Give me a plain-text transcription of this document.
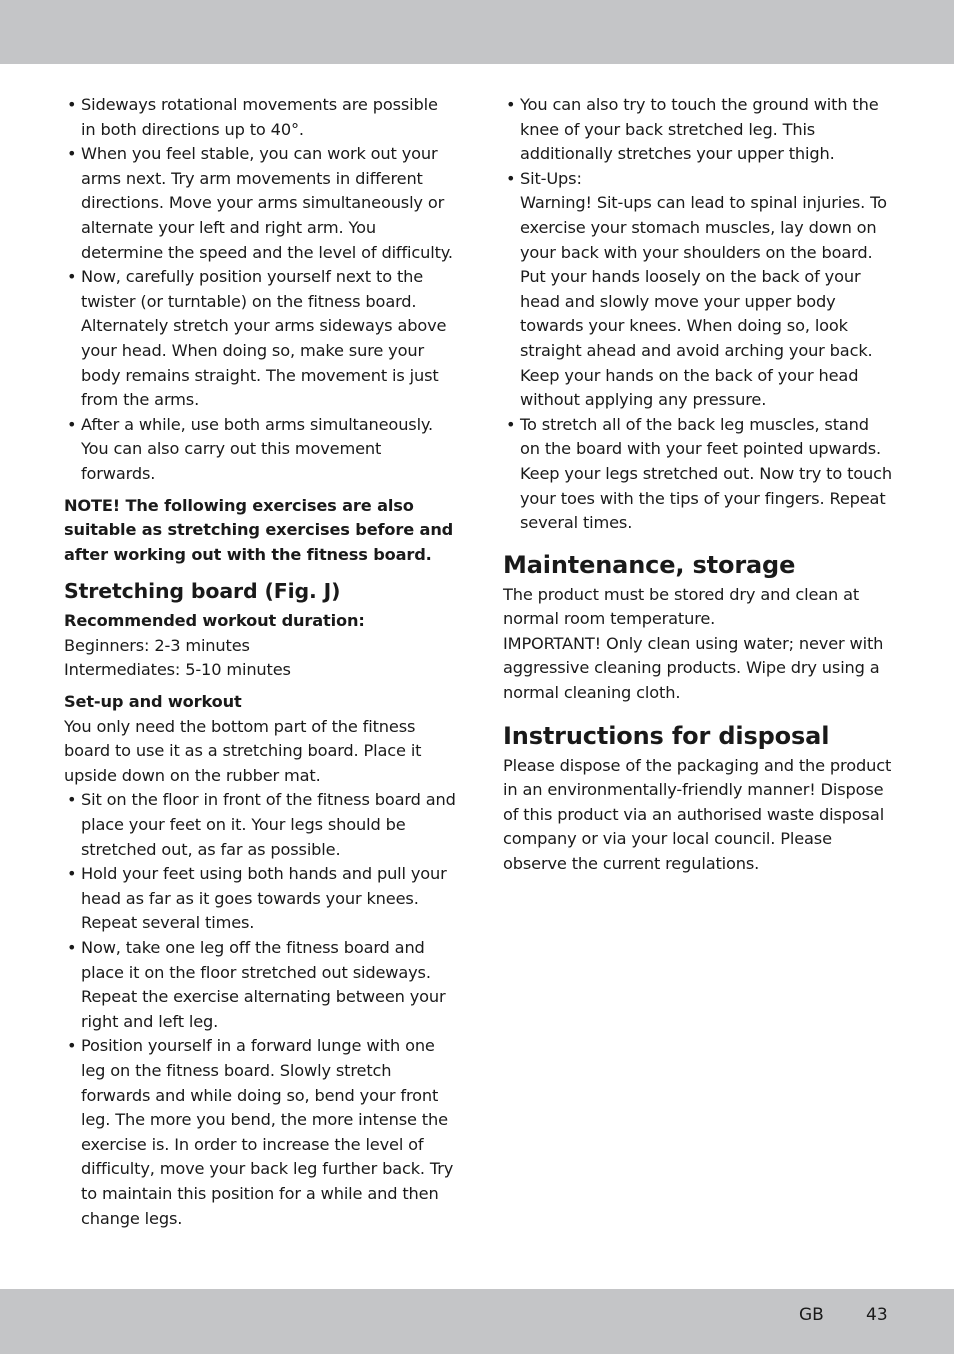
• Sideways rotational movements are possible in both directions up to 40°.
• When you feel stable, you can work out your arms next. Try arm movements in different directions. Move your arms simultaneously or alternate your left and right arm. You determine the speed and the level of difficulty.
• Now, carefully position yourself next to the twister (or turntable) on the fitness board. Alternately stretch your arms sideways above your head. When doing so, make sure your body remains straight. The movement is just from the arms.
• After a while, use both arms simultaneously. You can also carry out this movement forwards.

NOTE! The following exercises are also suitable as stretching exercises before and after working out with the fitness board.

Stretching board (Fig. J)

Recommended workout duration:

Beginners: 2-3 minutes

Intermediates: 5-10 minutes

Set-up and workout

You only need the bottom part of the fitness board to use it as a stretching board. Place it upside down on the rubber mat.

• Sit on the floor in front of the fitness board and place your feet on it. Your legs should be stretched out, as far as possible.
• Hold your feet using both hands and pull your head as far as it goes towards your knees. Repeat several times.
• Now, take one leg off the fitness board and place it on the floor stretched out sideways. Repeat the exercise alternating between your right and left leg.
• Position yourself in a forward lunge with one leg on the fitness board. Slowly stretch forwards and while doing so, bend your front leg. The more you bend, the more intense the exercise is. In order to increase the level of difficulty, move your back leg further back. Try to maintain this position for a while and then change legs.
• You can also try to touch the ground with the knee of your back stretched leg. This additionally stretches your upper thigh.
• Sit-Ups:
Warning! Sit-ups can lead to spinal injuries. To exercise your stomach muscles, lay down on your back with your shoulders on the board. Put your hands loosely on the back of your head and slowly move your upper body towards your knees. When doing so, look straight ahead and avoid arching your back. Keep your hands on the back of your head without applying any pressure.
• To stretch all of the back leg muscles, stand on the board with your feet pointed upwards. Keep your legs stretched out. Now try to touch your toes with the tips of your fingers. Repeat several times.

Maintenance, storage

The product must be stored dry and clean at normal room temperature.

IMPORTANT! Only clean using water; never with aggressive cleaning products. Wipe dry using a normal cleaning cloth.

Instructions for disposal

Please dispose of the packaging and the product in an environmentally-friendly manner! Dispose of this product via an authorised waste disposal company or via your local council. Please observe the current regulations.

GB 43
